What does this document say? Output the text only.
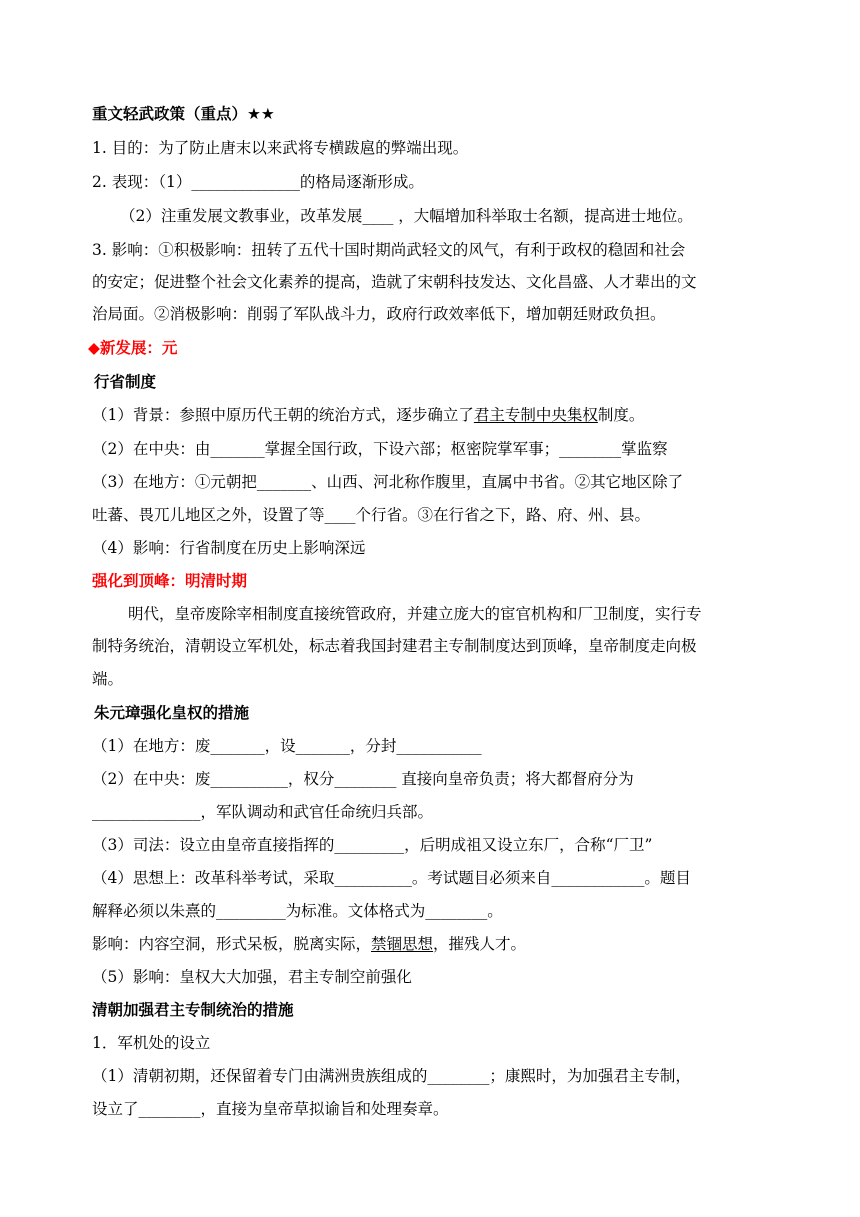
重文轻武政策（重点）★★
1. 目的：为了防止唐末以来武将专横跋扈的弊端出现。
2. 表现：（1）______________的格局逐渐形成。
（2）注重发展文教事业，改革发展____ ，大幅增加科举取士名额，提高进士地位。
3. 影响：①积极影响：扭转了五代十国时期尚武轻文的风气，有利于政权的稳固和社会
的安定；促进整个社会文化素养的提高，造就了宋朝科技发达、文化昌盛、人才辈出的文
治局面。②消极影响：削弱了军队战斗力，政府行政效率低下，增加朝廷财政负担。
◆新发展：元
行省制度
（1）背景：参照中原历代王朝的统治方式，逐步确立了君主专制中央集权制度。
（2）在中央：由_______掌握全国行政，下设六部；枢密院掌军事；________掌监察
（3）在地方：①元朝把_______、山西、河北称作腹里，直属中书省。②其它地区除了
吐蕃、畏兀儿地区之外，设置了等____个行省。③在行省之下，路、府、州、县。
（4）影响：行省制度在历史上影响深远
强化到顶峰：明清时期
明代，皇帝废除宰相制度直接统管政府，并建立庞大的宦官机构和厂卫制度，实行专
制特务统治，清朝设立军机处，标志着我国封建君主专制制度达到顶峰，皇帝制度走向极
端。
朱元璋强化皇权的措施
（1）在地方：废_______，设_______，分封___________
（2）在中央：废__________，权分________ 直接向皇帝负责；将大都督府分为
______________，军队调动和武官任命统归兵部。
（3）司法：设立由皇帝直接指挥的_________，后明成祖又设立东厂，合称“厂卫”
（4）思想上：改革科举考试，采取__________。考试题目必须来自____________。题目
解释必须以朱熹的_________为标准。文体格式为________。
影响：内容空洞，形式呆板，脱离实际，禁锢思想，摧残人才。
（5）影响：皇权大大加强，君主专制空前强化
清朝加强君主专制统治的措施
1．军机处的设立
（1）清朝初期，还保留着专门由满洲贵族组成的________；康熙时，为加强君主专制，
设立了________，直接为皇帝草拟谕旨和处理奏章。
